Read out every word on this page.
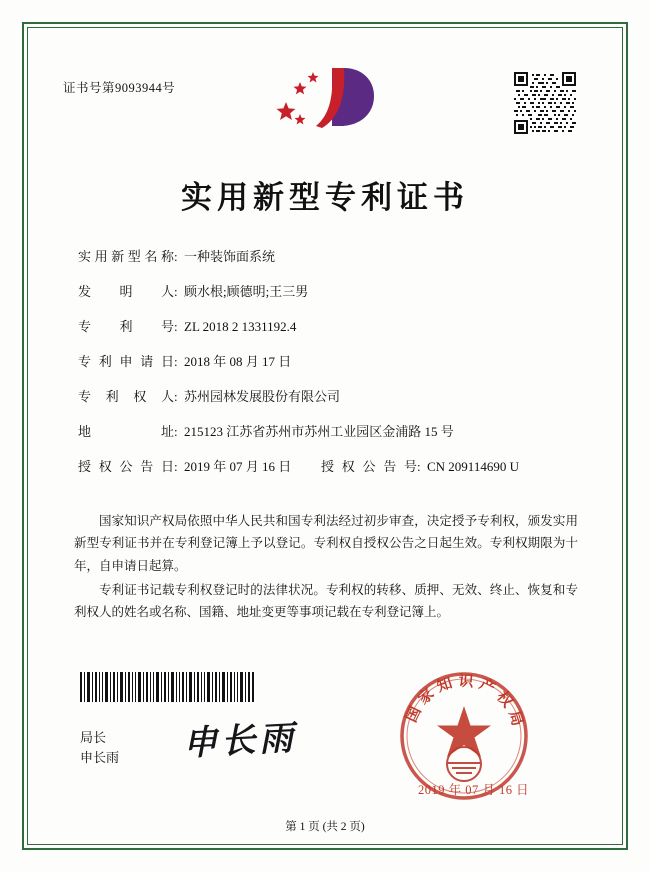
证书号第9093944号
实用新型专利证书
实用新型名称: 一种装饰面系统
发明人: 顾水根;顾德明;王三男
专利号: ZL 2018 2 1331192.4
专利申请日: 2018 年 08 月 17 日
专利权人: 苏州园林发展股份有限公司
地址: 215123 江苏省苏州市苏州工业园区金浦路 15 号
授权公告日: 2019 年 07 月 16 日 授权公告号: CN 209114690 U

国家知识产权局依照中华人民共和国专利法经过初步审查，决定授予专利权，颁发实用新型专利证书并在专利登记簿上予以登记。专利权自授权公告之日起生效。专利权期限为十年，自申请日起算。

专利证书记载专利权登记时的法律状况。专利权的转移、质押、无效、终止、恢复和专利权人的姓名或名称、国籍、地址变更等事项记载在专利登记簿上。

局长
申长雨 申长雨
国家知识产权局
2019 年 07 月 16 日
第 1 页 (共 2 页)
